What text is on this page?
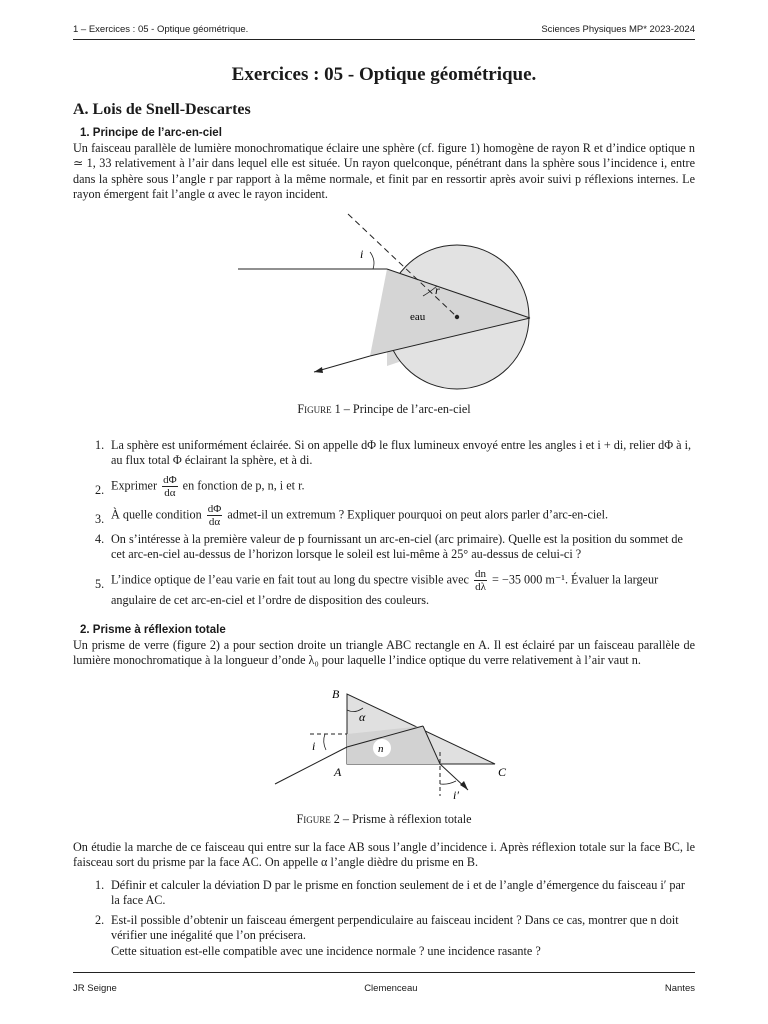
1 – Exercices : 05 - Optique géométrique.	Sciences Physiques MP* 2023-2024
Exercices : 05 - Optique géométrique.
A. Lois de Snell-Descartes
1. Principe de l’arc-en-ciel
Un faisceau parallèle de lumière monochromatique éclaire une sphère (cf. figure 1) homogène de rayon R et d’indice optique n ≃ 1, 33 relativement à l’air dans lequel elle est située. Un rayon quelconque, pénétrant dans la sphère sous l’incidence i, entre dans la sphère sous l’angle r par rapport à la même normale, et finit par en ressortir après avoir suivi p réflexions internes. Le rayon émergent fait l’angle α avec le rayon incident.
i
r
eau
Figure 1 – Principe de l’arc-en-ciel
1. La sphère est uniformément éclairée. Si on appelle dΦ le flux lumineux envoyé entre les angles i et i + di, relier dΦ à i, au flux total Φ éclairant la sphère, et à di.
2. Exprimer $\frac{d\Phi}{d\alpha}$ en fonction de p, n, i et r.
3. À quelle condition $\frac{d\Phi}{d\alpha}$ admet-il un extremum ? Expliquer pourquoi on peut alors parler d’arc-en-ciel.
4. On s’intéresse à la première valeur de p fournissant un arc-en-ciel (arc primaire). Quelle est la position du sommet de cet arc-en-ciel au-dessus de l’horizon lorsque le soleil est lui-même à 25° au-dessus de celui-ci ?
5. L’indice optique de l’eau varie en fait tout au long du spectre visible avec $\frac{dn}{d\lambda} = -35$ 000 m⁻¹. Évaluer la largeur angulaire de cet arc-en-ciel et l’ordre de disposition des couleurs.
2. Prisme à réflexion totale
Un prisme de verre (figure 2) a pour section droite un triangle ABC rectangle en A. Il est éclairé par un faisceau parallèle de lumière monochromatique à la longueur d’onde λ₀ pour laquelle l’indice optique du verre relativement à l’air vaut n.
B
A	C
α
i	n
i′
Figure 2 – Prisme à réflexion totale
On étudie la marche de ce faisceau qui entre sur la face AB sous l’angle d’incidence i. Après réflexion totale sur la face BC, le faisceau sort du prisme par la face AC. On appelle α l’angle dièdre du prisme en B.
1. Définir et calculer la déviation D par le prisme en fonction seulement de i et de l’angle d’émergence du faisceau i′ par la face AC.
2. Est-il possible d’obtenir un faisceau émergent perpendiculaire au faisceau incident ? Dans ce cas, montrer que n doit vérifier une inégalité que l’on précisera.
Cette situation est-elle compatible avec une incidence normale ? une incidence rasante ?
JR Seigne	Clemenceau	Nantes
